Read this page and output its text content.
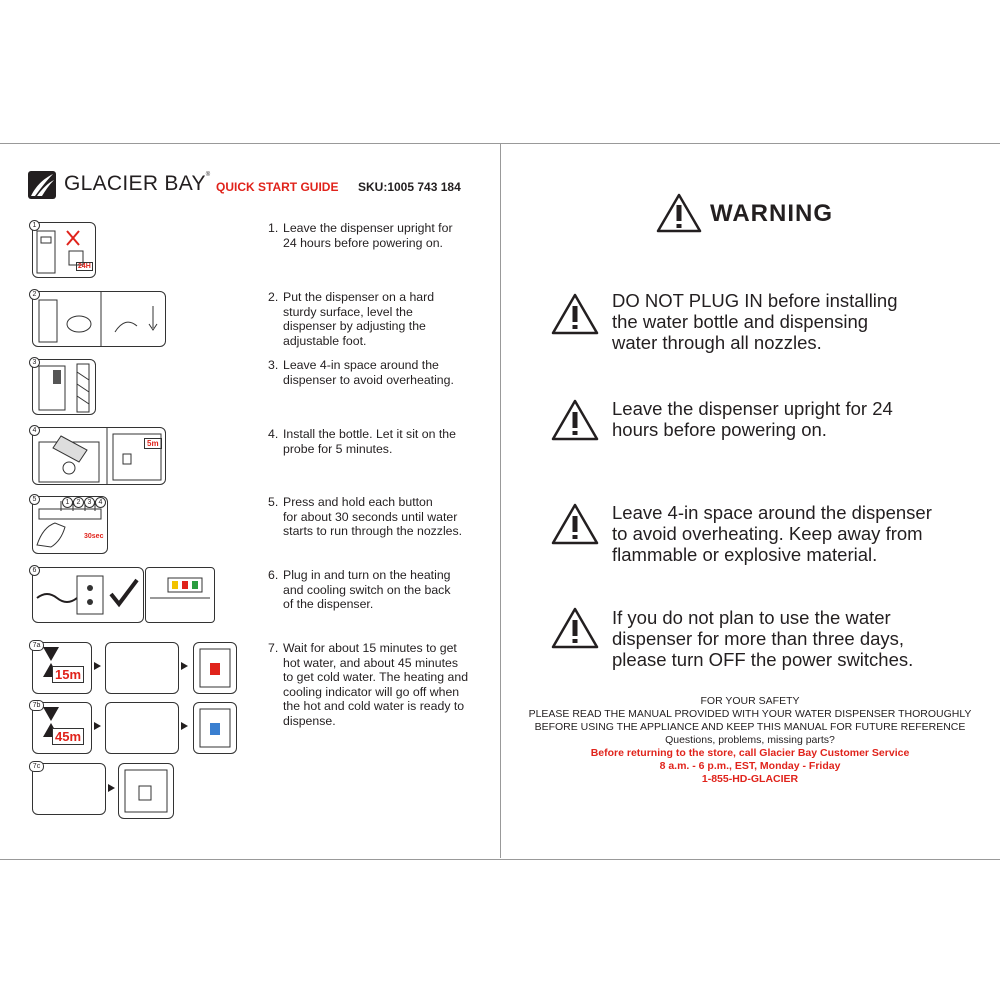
GLACIER BAY®
QUICK START GUIDE SKU:1005 743 184
1. Leave the dispenser upright for
24 hours before powering on.
2. Put the dispenser on a hard
sturdy surface, level the
dispenser by adjusting the
adjustable foot.
3. Leave 4-in space around the
dispenser to avoid overheating.
4. Install the bottle. Let it sit on the
probe for 5 minutes.
5. Press and hold each button
for about 30 seconds until water
starts to run through the nozzles.
6. Plug in and turn on the heating
and cooling switch on the back
of the dispenser.
7. Wait for about 15 minutes to get
hot water, and about 45 minutes
to get cold water. The heating and
cooling indicator will go off when
the hot and cold water is ready to
dispense.
1
24H
2
3
4
5m
5	1	2	3	4
30sec
6
7a
15m
7b
45m
7c
WARNING
DO NOT PLUG IN before installing
the water bottle and dispensing
water through all nozzles.
Leave the dispenser upright for 24
hours before powering on.
Leave 4-in space around the dispenser
to avoid overheating. Keep away from
flammable or explosive material.
If you do not plan to use the water
dispenser for more than three days,
please turn OFF the power switches.
FOR YOUR SAFETY
PLEASE READ THE MANUAL PROVIDED WITH YOUR WATER DISPENSER THOROUGHLY
BEFORE USING THE APPLIANCE AND KEEP THIS MANUAL FOR FUTURE REFERENCE
Questions, problems, missing parts?
Before returning to the store, call Glacier Bay Customer Service
8 a.m. - 6 p.m., EST, Monday - Friday
1-855-HD-GLACIER
